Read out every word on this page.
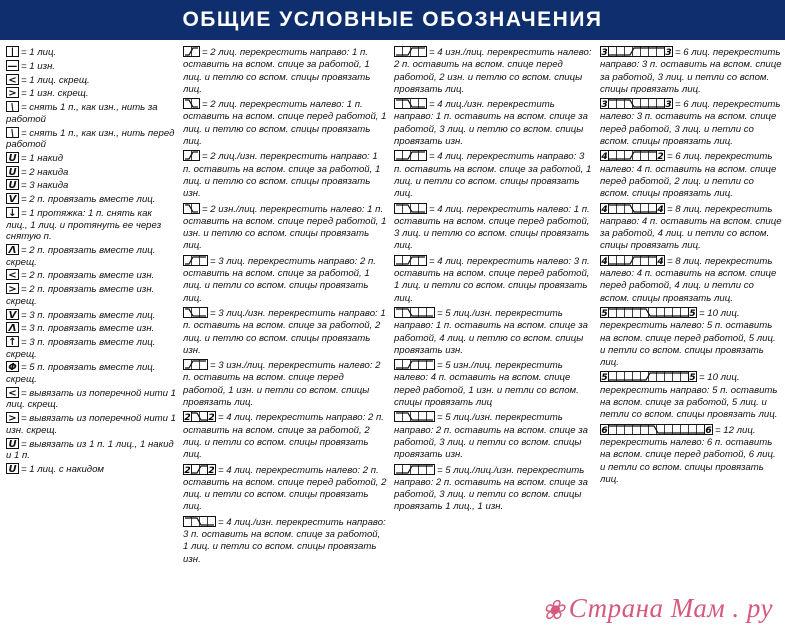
ОБЩИЕ УСЛОВНЫЕ ОБОЗНАЧЕНИЯ
| = 1 лиц.
— = 1 изн.
< = 1 лиц. скрещ.
> = 1 изн. скрещ.
\ = снять 1 п., как изн., нить за работой
\ = снять 1 п., как изн., нить перед работой
U = 1 накид
U = 2 накида
U = 3 накида
V = 2 п. провязать вместе лиц.
↓ = 1 протяжка: 1 п. снять как лиц., 1 лиц. и протянуть ее через снятую п.
Λ = 2 п. провязать вместе лиц. скрещ.
< = 2 п. провязать вместе изн.
> = 2 п. провязать вместе изн. скрещ.
V = 3 п. провязать вместе лиц.
Λ = 3 п. провязать вместе изн.
↑ = 3 п. провязать вместе лиц. скрещ.
Φ = 5 п. провязать вместе лиц. скрещ.
< = вывязать из поперечной нити 1 лиц. скрещ.
> = вывязать из поперечной нити 1 изн. скрещ.
U = вывязать из 1 п. 1 лиц., 1 накид и 1 п.
U = 1 лиц. с накидом
= 2 лиц. перекрестить направо: 1 п. оставить на вспом. спице за работой, 1 лиц. и петлю со вспом. спицы провязать лиц.
= 2 лиц. перекрестить налево: 1 п. оставить на вспом. спице перед работой, 1 лиц. и петлю со вспом. спицы провязать лиц.
= 2 лиц./изн. перекрестить направо: 1 п. оставить на вспом. спице за работой, 1 лиц. и петлю со вспом. спицы провязать изн.
= 2 изн./лиц. перекрестить налево: 1 п. оставить на вспом. спице перед работой, 1 изн. и петлю со вспом. спицы провязать лиц.
= 3 лиц. перекрестить направо: 2 п. оставить на вспом. спице за работой, 1 лиц. и петли со вспом. спицы провязать лиц.
= 3 лиц./изн. перекрестить направо: 1 п. оставить на вспом. спице за работой, 2 лиц. и петлю со вспом. спицы провязать изн.
= 3 изн./лиц. перекрестить налево: 2 п. оставить на вспом. спице перед работой, 1 изн. и петли со вспом. спицы провязать лиц.
2 2 = 4 лиц. перекрестить направо: 2 п. оставить на вспом. спице за работой, 2 лиц. и петли со вспом. спицы провязать лиц.
2 2 = 4 лиц. перекрестить налево: 2 п. оставить на вспом. спице перед работой, 2 лиц. и петли со вспом. спицы провязать лиц.
= 4 лиц./изн. перекрестить направо: 3 п. оставить на вспом. спице за работой, 1 лиц. и петли со вспом. спицы провязать изн.
= 4 изн./лиц. перекрестить налево: 2 п. оставить на вспом. спице перед работой, 2 изн. и петлю со вспом. спицы провязать лиц.
= 4 лиц./изн. перекрестить направо: 1 п. оставить на вспом. спице за работой, 3 лиц. и петлю со вспом. спицы провязать изн.
= 4 лиц. перекрестить направо: 3 п. оставить на вспом. спице за работой, 1 лиц. и петли со вспом. спицы провязать лиц.
= 4 лиц. перекрестить налево: 1 п. оставить на вспом. спице перед работой, 3 лиц. и петлю со вспом. спицы провязать лиц.
= 4 лиц. перекрестить налево: 3 п. оставить на вспом. спице перед работой, 1 лиц. и петли со вспом. спицы провязать лиц.
= 5 лиц./изн. перекрестить направо: 1 п. оставить на вспом. спице за работой, 4 лиц. и петлю со вспом. спицы провязать изн.
= 5 изн./лиц. перекрестить налево: 4 п. оставить на вспом. спице перед работой, 1 изн. и петли со вспом. спицы провязать лиц
= 5 лиц./изн. перекрестить направо: 2 п. оставить на вспом. спице за работой, 3 лиц. и петли со вспом. спицы провязать изн.
= 5 лиц./лиц./изн. перекрестить направо: 2 п. оставить на вспом. спице за работой, 3 лиц. и петли со вспом. спицы провязать 1 лиц., 1 изн.
3	3 = 6 лиц. перекрестить направо: 3 п. оставить на вспом. спице за работой, 3 лиц. и петли со вспом. спицы провязать лиц.
3	3 = 6 лиц. перекрестить налево: 3 п. оставить на вспом. спице перед работой, 3 лиц. и петли со вспом. спицы провязать лиц.
4	2 = 6 лиц. перекрестить налево: 4 п. оставить на вспом. спице перед работой, 2 лиц. и петли со вспом. спицы провязать лиц.
4	4 = 8 лиц. перекрестить направо: 4 п. оставить на вспом. спице за работой, 4 лиц. и петли со вспом. спицы провязать лиц.
4	4 = 8 лиц. перекрестить налево: 4 п. оставить на вспом. спице перед работой, 4 лиц. и петли со вспом. спицы провязать лиц.
5	5 = 10 лиц. перекрестить налево: 5 п. оставить на вспом. спице перед работой, 5 лиц. и петли со вспом. спицы провязать лиц.
5	5 = 10 лиц. перекрестить направо: 5 п. оставить на вспом. спице за работой, 5 лиц. и петли со вспом. спицы провязать лиц.
6	6 = 12 лиц. перекрестить налево: 6 п. оставить на вспом. спице перед работой, 6 лиц. и петли со вспом. спицы провязать лиц.
❀ Страна Мам . ру
